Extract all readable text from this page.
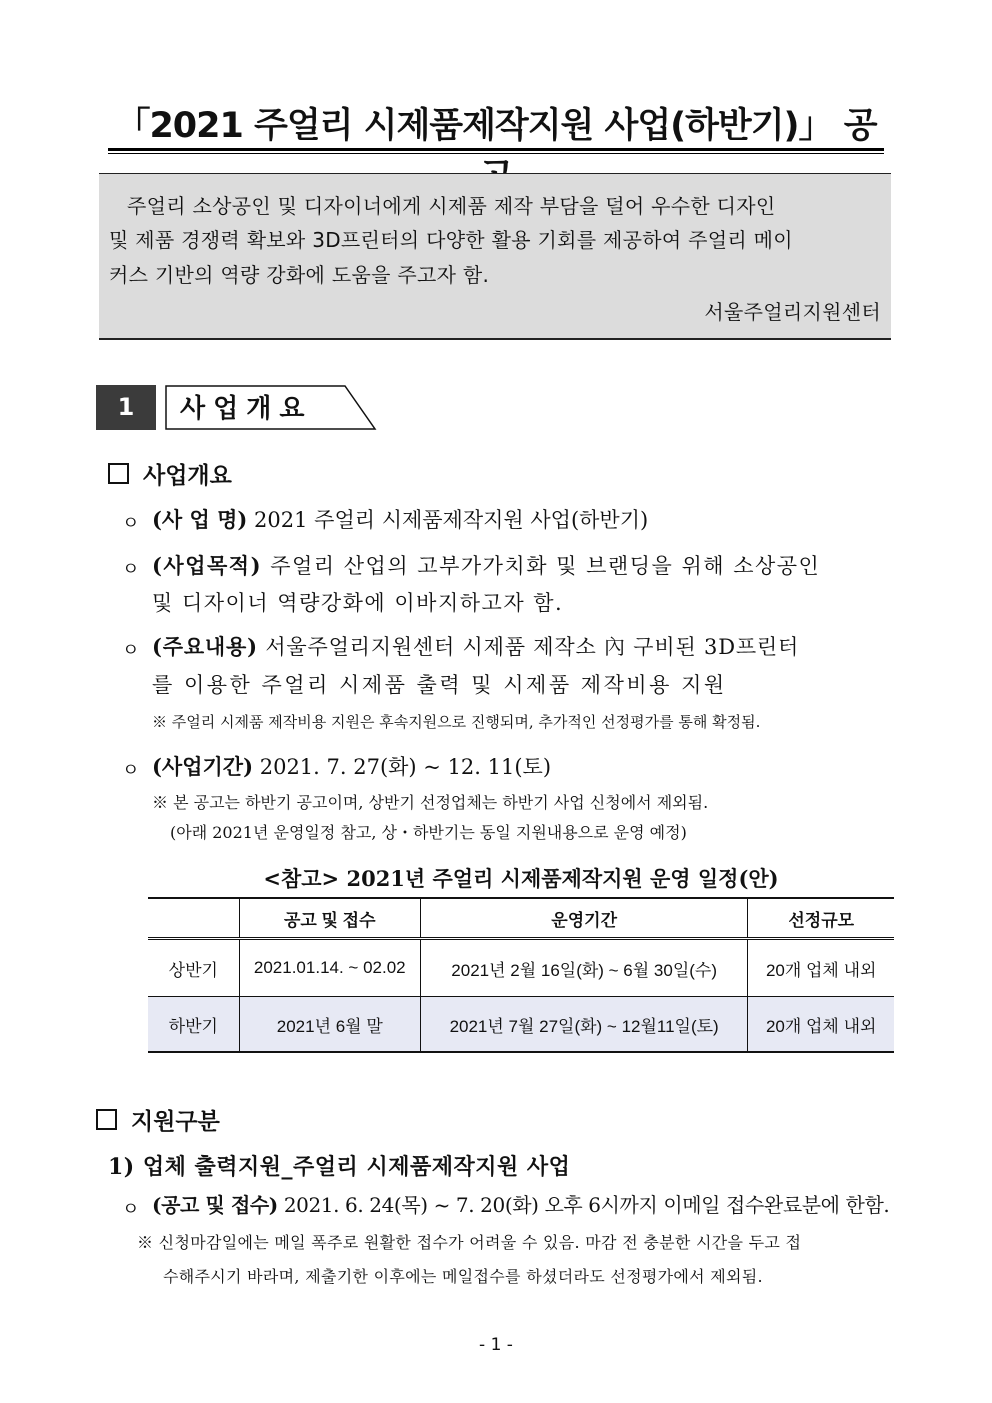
「2021 주얼리 시제품제작지원 사업(하반기)」 공
주얼리 소상공인 및 디자이너에게 시제품 제작 부담을 덜어 우수한 디자인
및 제품 경쟁력 확보와 3D프린터의 다양한 활용 기회를 제공하여 주얼리 메이
커스 기반의 역량 강화에 도움을 주고자 함.
서울주얼리지원센터
1	사업개요
사업개요
ㅇ (사 업 명) 2021 주얼리 시제품제작지원 사업(하반기)
ㅇ (사업목적) 주얼리 산업의 고부가가치화 및 브랜딩을 위해 소상공인
및 디자이너 역량강화에 이바지하고자 함.
ㅇ (주요내용) 서울주얼리지원센터 시제품 제작소 內 구비된 3D프린터
를 이용한 주얼리 시제품 출력 및 시제품 제작비용 지원
※ 주얼리 시제품 제작비용 지원은 후속지원으로 진행되며, 추가적인 선정평가를 통해 확정됨.
ㅇ (사업기간) 2021. 7. 27(화) ~ 12. 11(토)
※ 본 공고는 하반기 공고이며, 상반기 선정업체는 하반기 사업 신청에서 제외됨.
(아래 2021년 운영일정 참고, 상・하반기는 동일 지원내용으로 운영 예정)
<참고> 2021년 주얼리 시제품제작지원 운영 일정(안)
	공고 및 접수	운영기간	선정규모
상반기	2021.01.14. ~ 02.02	2021년 2월 16일(화) ~ 6월 30일(수)	20개 업체 내외
하반기	2021년 6월 말	2021년 7월 27일(화) ~ 12월11일(토)	20개 업체 내외
지원구분
1) 업체 출력지원_주얼리 시제품제작지원 사업
ㅇ (공고 및 접수) 2021. 6. 24(목) ~ 7. 20(화) 오후 6시까지 이메일 접수완료분에 한함.
※ 신청마감일에는 메일 폭주로 원활한 접수가 어려울 수 있음. 마감 전 충분한 시간을 두고 접
수해주시기 바라며, 제출기한 이후에는 메일접수를 하셨더라도 선정평가에서 제외됨.
- 1 -
